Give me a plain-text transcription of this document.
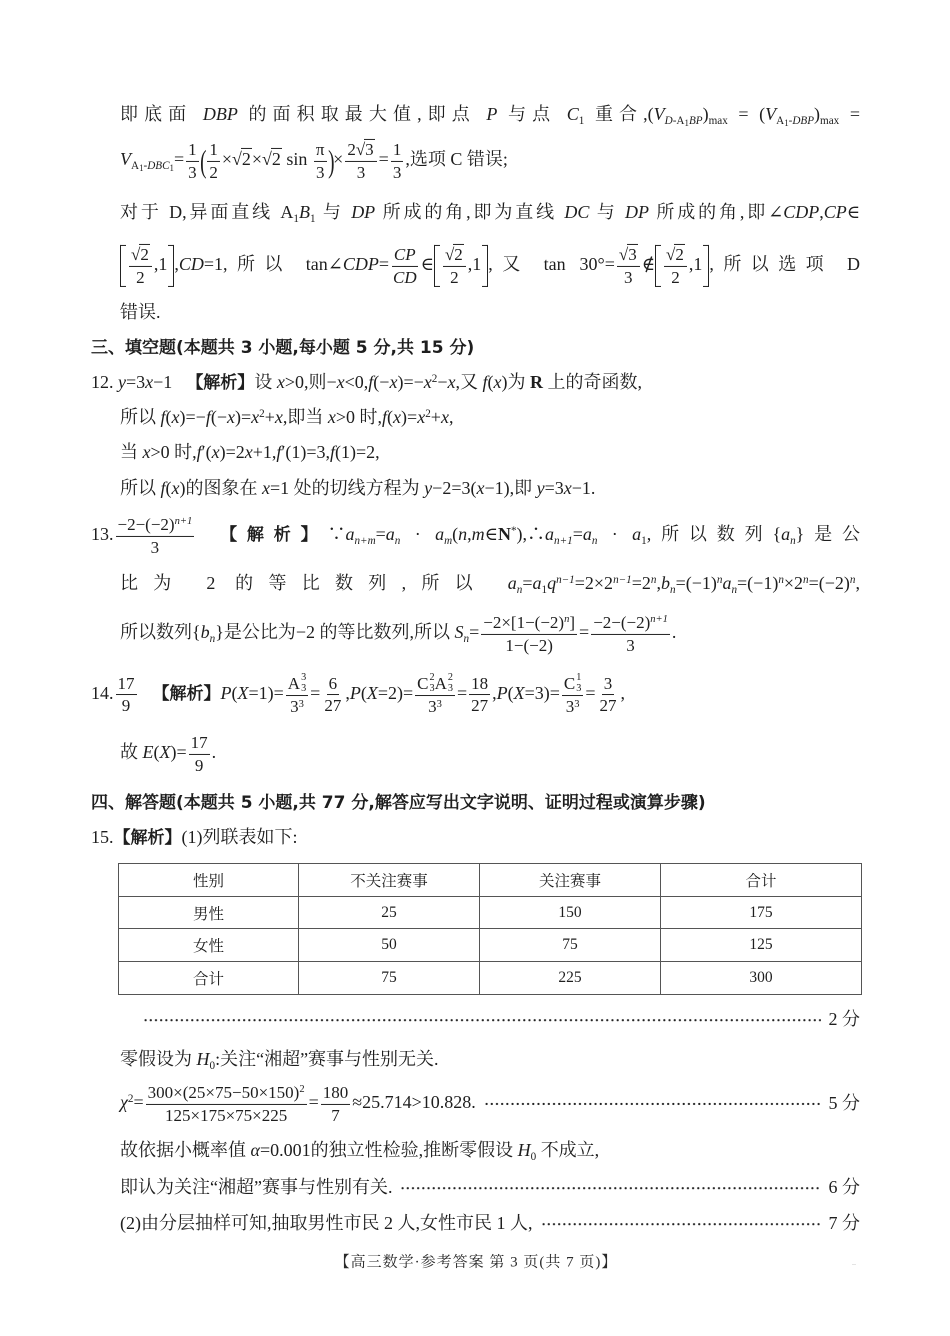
即底面 DBP 的面积取最大值,即点 P 与点 $C_1$ 重合$,(V_{D-A_1BP})_{max} = (V_{A_1-DBP})_{max}$ =
$V_{A_1-DBC_1}= \frac{1}{3}$ ( $\frac{1}{2} \times√2\times√2$ $\sin \frac{\pi}{3}$ )× $\frac{2√3}{3} = \frac{1}{3}$ ,选项 C 错误;
对于 D,异面直线 $A_1B_1$ 与 DP 所成的角,即为直线 DC 与 DP 所成的角,即∠CDP,CP∈
$\frac{√2}{2} ,1$ ,CD=1,所以 tan∠CDP= $\frac{CP}{CD}$ ∈ $\frac{√2}{2} ,1$ ,又 $\tan 30^\circ= \frac{√3}{3}$ ∉ $\frac{√2}{2} ,1$ ,所以选项 D
错误.
三、填空题(本题共 3 小题,每小题 5 分,共 15 分)
12. y=3x−1 【解析】设 x>0,则$-x<0,f(-x)=-x^2-x$,又 f(x)为 R 上的奇函数,
所以 $f(x)=-f(-x)=x^2+x$,即当 x>0 时$,f(x)=x^2+x$,
当 x>0 时,f′(x)=2x+1,f′(1)=3,f(1)=2,
所以 f(x)的图象在 x=1 处的切线方程为 y−2=3(x−1),即 y=3x−1.
13. $\frac{-2-(-2)^{n+1}}{3}$ 【解析】$\because a_{n+m}=a_n$ · $a_m(n,m\in N^*),\therefore a_{n+1}=a_n \cdot a_1$,所以数列$\{a_n\}$是公
比为 2 的等比数列,所以 $a_n=a_1q^{n-1}=2\times 2^{n-1}=2^n,b_n=(-1)^na_n=(-1)^n\times 2^n=(-2)^n$,
所以数列$\{b_n\}$是公比为−2 的等比数列,所以 $S_n= \frac{-2\times[1-(-2)^n]}{1-(-2)} = \frac{-2-(-2)^{n+1}}{3}$ .
14. $\frac{17}{9}$ 【解析】P(X=1)= A 3
3
$3^3 = \frac{6}{27} ,P(X=2)= C$ 2
3 A 2
3
$3^3 = \frac{18}{27} ,P(X=3)= C$ 1
3
$3^3 = \frac{3}{27}$ ,
故 $E(X)= \frac{17}{9}$ .
四、解答题(本题共 5 小题,共 77 分,解答应写出文字说明、证明过程或演算步骤)
15.【解析】(1)列联表如下:
性别	不关注赛事	关注赛事	合计
男性	25	150	175
女性	50	75	125
合计	75	225	300
2 分
零假设为 $H_0$:关注“湘超”赛事与性别无关.
$\chi^2= \frac{300\times(25\times 75-50\times 150)^2}{125\times 175\times 75\times 225} = \frac{180}{7} \approx 25.714>10.828$.	5 分
故依据小概率值 α=0.001的独立性检验,推断零假设 $H_0$ 不成立,
即认为关注“湘超”赛事与性别有关.	6 分
(2)由分层抽样可知,抽取男性市民 2 人,女性市民 1 人,	7 分
【高三数学·参考答案 第 3 页(共 7 页)】	..
